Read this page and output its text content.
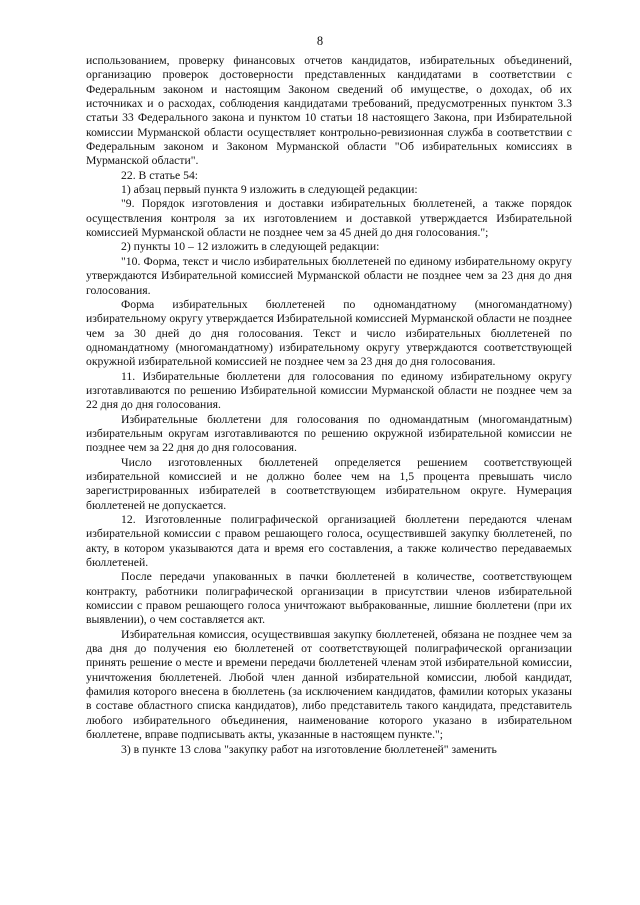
8

использованием, проверку финансовых отчетов кандидатов, избирательных объединений, организацию проверок достоверности представленных кандидатами в соответствии с Федеральным законом и настоящим Законом сведений об имуществе, о доходах, об их источниках и о расходах, соблюдения кандидатами требований, предусмотренных пунктом 3.3 статьи 33 Федерального закона и пунктом 10 статьи 18 настоящего Закона, при Избирательной комиссии Мурманской области осуществляет контрольно-ревизионная служба в соответствии с Федеральным законом и Законом Мурманской области "Об избирательных комиссиях в Мурманской области".

22. В статье 54:

1) абзац первый пункта 9 изложить в следующей редакции:

"9. Порядок изготовления и доставки избирательных бюллетеней, а также порядок осуществления контроля за их изготовлением и доставкой утверждается Избирательной комиссией Мурманской области не позднее чем за 45 дней до дня голосования.";

2) пункты 10 – 12 изложить в следующей редакции:

"10. Форма, текст и число избирательных бюллетеней по единому избирательному округу утверждаются Избирательной комиссией Мурманской области не позднее чем за 23 дня до дня голосования.

Форма избирательных бюллетеней по одномандатному (многомандатному) избирательному округу утверждается Избирательной комиссией Мурманской области не позднее чем за 30 дней до дня голосования. Текст и число избирательных бюллетеней по одномандатному (многомандатному) избирательному округу утверждаются соответствующей окружной избирательной комиссией не позднее чем за 23 дня до дня голосования.

11. Избирательные бюллетени для голосования по единому избирательному округу изготавливаются по решению Избирательной комиссии Мурманской области не позднее чем за 22 дня до дня голосования.

Избирательные бюллетени для голосования по одномандатным (многомандатным) избирательным округам изготавливаются по решению окружной избирательной комиссии не позднее чем за 22 дня до дня голосования.

Число изготовленных бюллетеней определяется решением соответствующей избирательной комиссией и не должно более чем на 1,5 процента превышать число зарегистрированных избирателей в соответствующем избирательном округе. Нумерация бюллетеней не допускается.

12. Изготовленные полиграфической организацией бюллетени передаются членам избирательной комиссии с правом решающего голоса, осуществившей закупку бюллетеней, по акту, в котором указываются дата и время его составления, а также количество передаваемых бюллетеней.

После передачи упакованных в пачки бюллетеней в количестве, соответствующем контракту, работники полиграфической организации в присутствии членов избирательной комиссии с правом решающего голоса уничтожают выбракованные, лишние бюллетени (при их выявлении), о чем составляется акт.

Избирательная комиссия, осуществившая закупку бюллетеней, обязана не позднее чем за два дня до получения ею бюллетеней от соответствующей полиграфической организации принять решение о месте и времени передачи бюллетеней членам этой избирательной комиссии, уничтожения бюллетеней. Любой член данной избирательной комиссии, любой кандидат, фамилия которого внесена в бюллетень (за исключением кандидатов, фамилии которых указаны в составе областного списка кандидатов), либо представитель такого кандидата, представитель любого избирательного объединения, наименование которого указано в избирательном бюллетене, вправе подписывать акты, указанные в настоящем пункте.";

3) в пункте 13 слова "закупку работ на изготовление бюллетеней" заменить
